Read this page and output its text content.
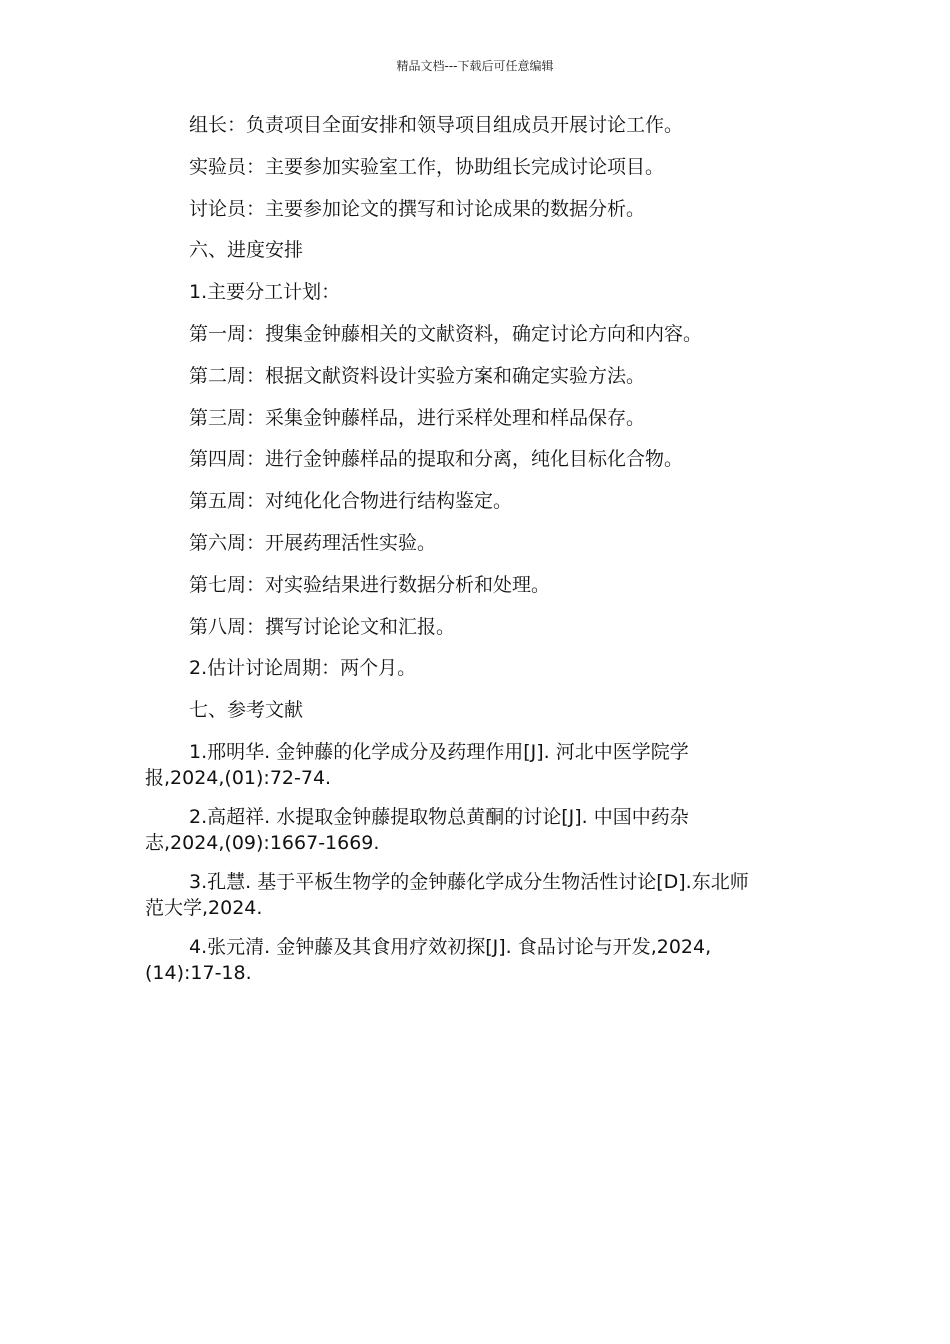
精品文档---下载后可任意编辑
组长：负责项目全面安排和领导项目组成员开展讨论工作。
实验员：主要参加实验室工作，协助组长完成讨论项目。
讨论员：主要参加论文的撰写和讨论成果的数据分析。
六、进度安排
1.主要分工计划：
第一周：搜集金钟藤相关的文献资料，确定讨论方向和内容。
第二周：根据文献资料设计实验方案和确定实验方法。
第三周：采集金钟藤样品，进行采样处理和样品保存。
第四周：进行金钟藤样品的提取和分离，纯化目标化合物。
第五周：对纯化化合物进行结构鉴定。
第六周：开展药理活性实验。
第七周：对实验结果进行数据分析和处理。
第八周：撰写讨论论文和汇报。
2.估计讨论周期：两个月。
七、参考文献
1.邢明华. 金钟藤的化学成分及药理作用[J]. 河北中医学院学
报,2024,(01):72-74.
2.高超祥. 水提取金钟藤提取物总黄酮的讨论[J]. 中国中药杂
志,2024,(09):1667-1669.
3.孔慧. 基于平板生物学的金钟藤化学成分生物活性讨论[D].东北师
范大学,2024.
4.张元清. 金钟藤及其食用疗效初探[J]. 食品讨论与开发,2024,
(14):17-18.
